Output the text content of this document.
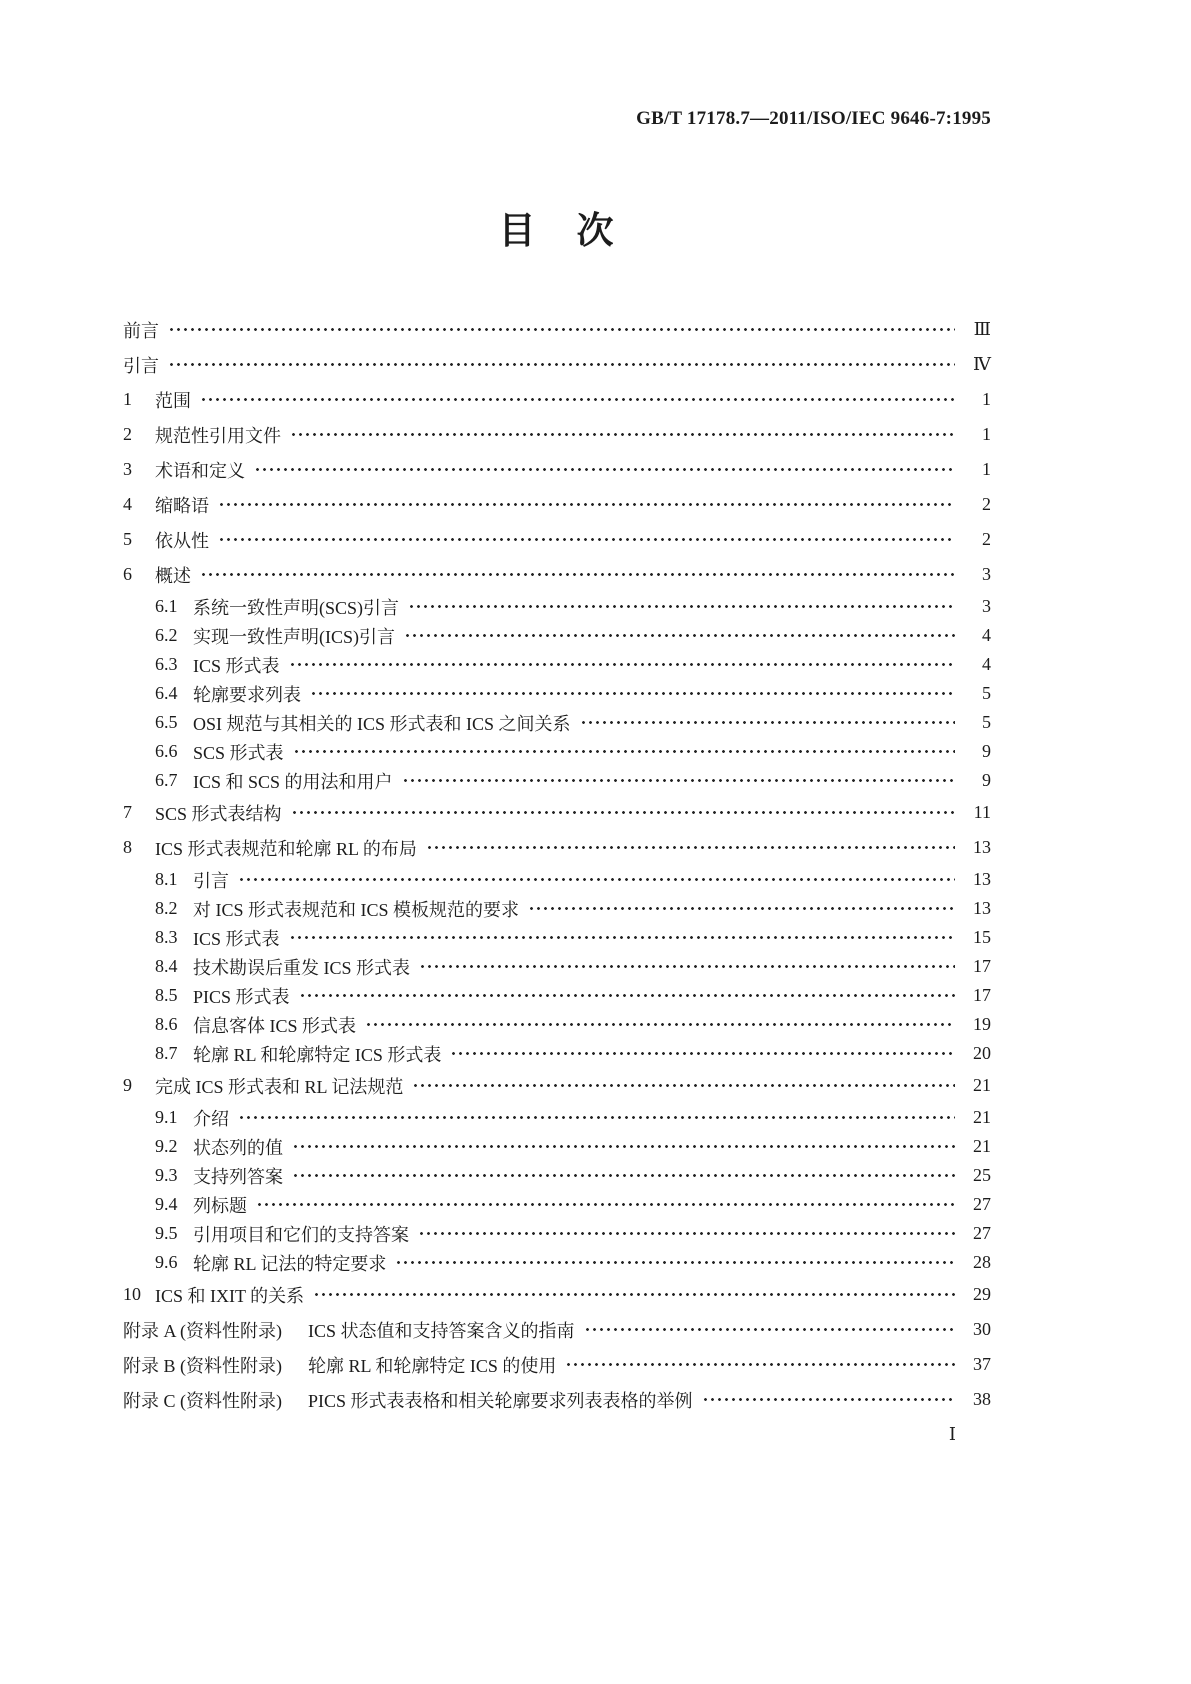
GB/T 17178.7—2011/ISO/IEC 9646-7:1995
目　次
前言	Ⅲ
引言	Ⅳ
1	范围	1
2	规范性引用文件	1
3	术语和定义	1
4	缩略语	2
5	依从性	2
6	概述	3
6.1 系统一致性声明(SCS)引言	3
6.2 实现一致性声明(ICS)引言	4
6.3 ICS 形式表	4
6.4 轮廓要求列表	5
6.5 OSI 规范与其相关的 ICS 形式表和 ICS 之间关系	5
6.6 SCS 形式表	9
6.7 ICS 和 SCS 的用法和用户	9
7	SCS 形式表结构	11
8	ICS 形式表规范和轮廓 RL 的布局	13
8.1 引言	13
8.2 对 ICS 形式表规范和 ICS 模板规范的要求	13
8.3 ICS 形式表	15
8.4 技术勘误后重发 ICS 形式表	17
8.5 PICS 形式表	17
8.6 信息客体 ICS 形式表	19
8.7 轮廓 RL 和轮廓特定 ICS 形式表	20
9	完成 ICS 形式表和 RL 记法规范	21
9.1 介绍	21
9.2 状态列的值	21
9.3 支持列答案	25
9.4 列标题	27
9.5 引用项目和它们的支持答案	27
9.6 轮廓 RL 记法的特定要求	28
10 ICS 和 IXIT 的关系	29
附录 A (资料性附录) ICS 状态值和支持答案含义的指南	30
附录 B (资料性附录) 轮廓 RL 和轮廓特定 ICS 的使用	37
附录 C (资料性附录) PICS 形式表表格和相关轮廓要求列表表格的举例	38
Ⅰ
